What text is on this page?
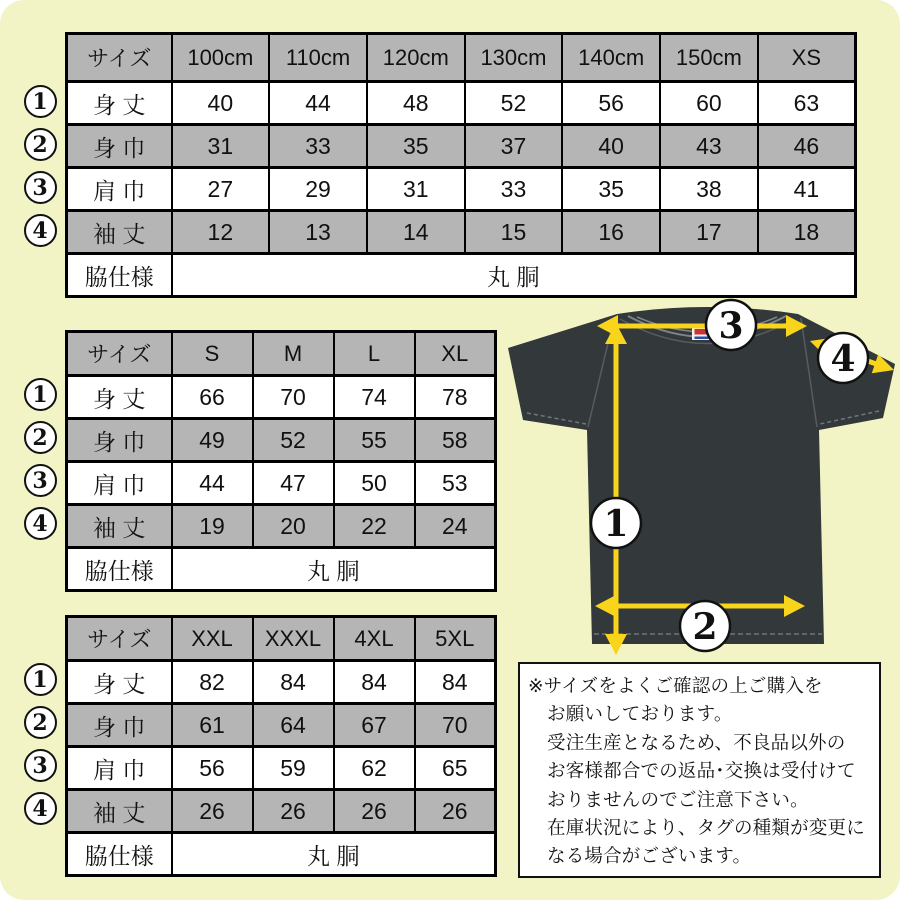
1
2
3
4
サイズ	100cm	110cm	120cm	130cm	140cm	150cm	XS
身 丈	40	44	48	52	56	60	63
身 巾	31	33	35	37	40	43	46
肩 巾	27	29	31	33	35	38	41
袖 丈	12	13	14	15	16	17	18
脇仕様	丸 胴						
1
2
3
4
サイズ	S	M	L	XL
身 丈	66	70	74	78
身 巾	49	52	55	58
肩 巾	44	47	50	53
袖 丈	19	20	22	24
脇仕様	丸 胴			
1
2
3
4
サイズ	XXL	XXXL	4XL	5XL
身 丈	82	84	84	84
身 巾	61	64	67	70
肩 巾	56	59	62	65
袖 丈	26	26	26	26
脇仕様	丸 胴			
3
4
1
2
※サイズをよくご確認の上ご購入を
お願いしております。
受注生産となるため、不良品以外の
お客様都合での返品･交換は受付けて
おりませんのでご注意下さい。
在庫状況により、タグの種類が変更に
なる場合がございます。
